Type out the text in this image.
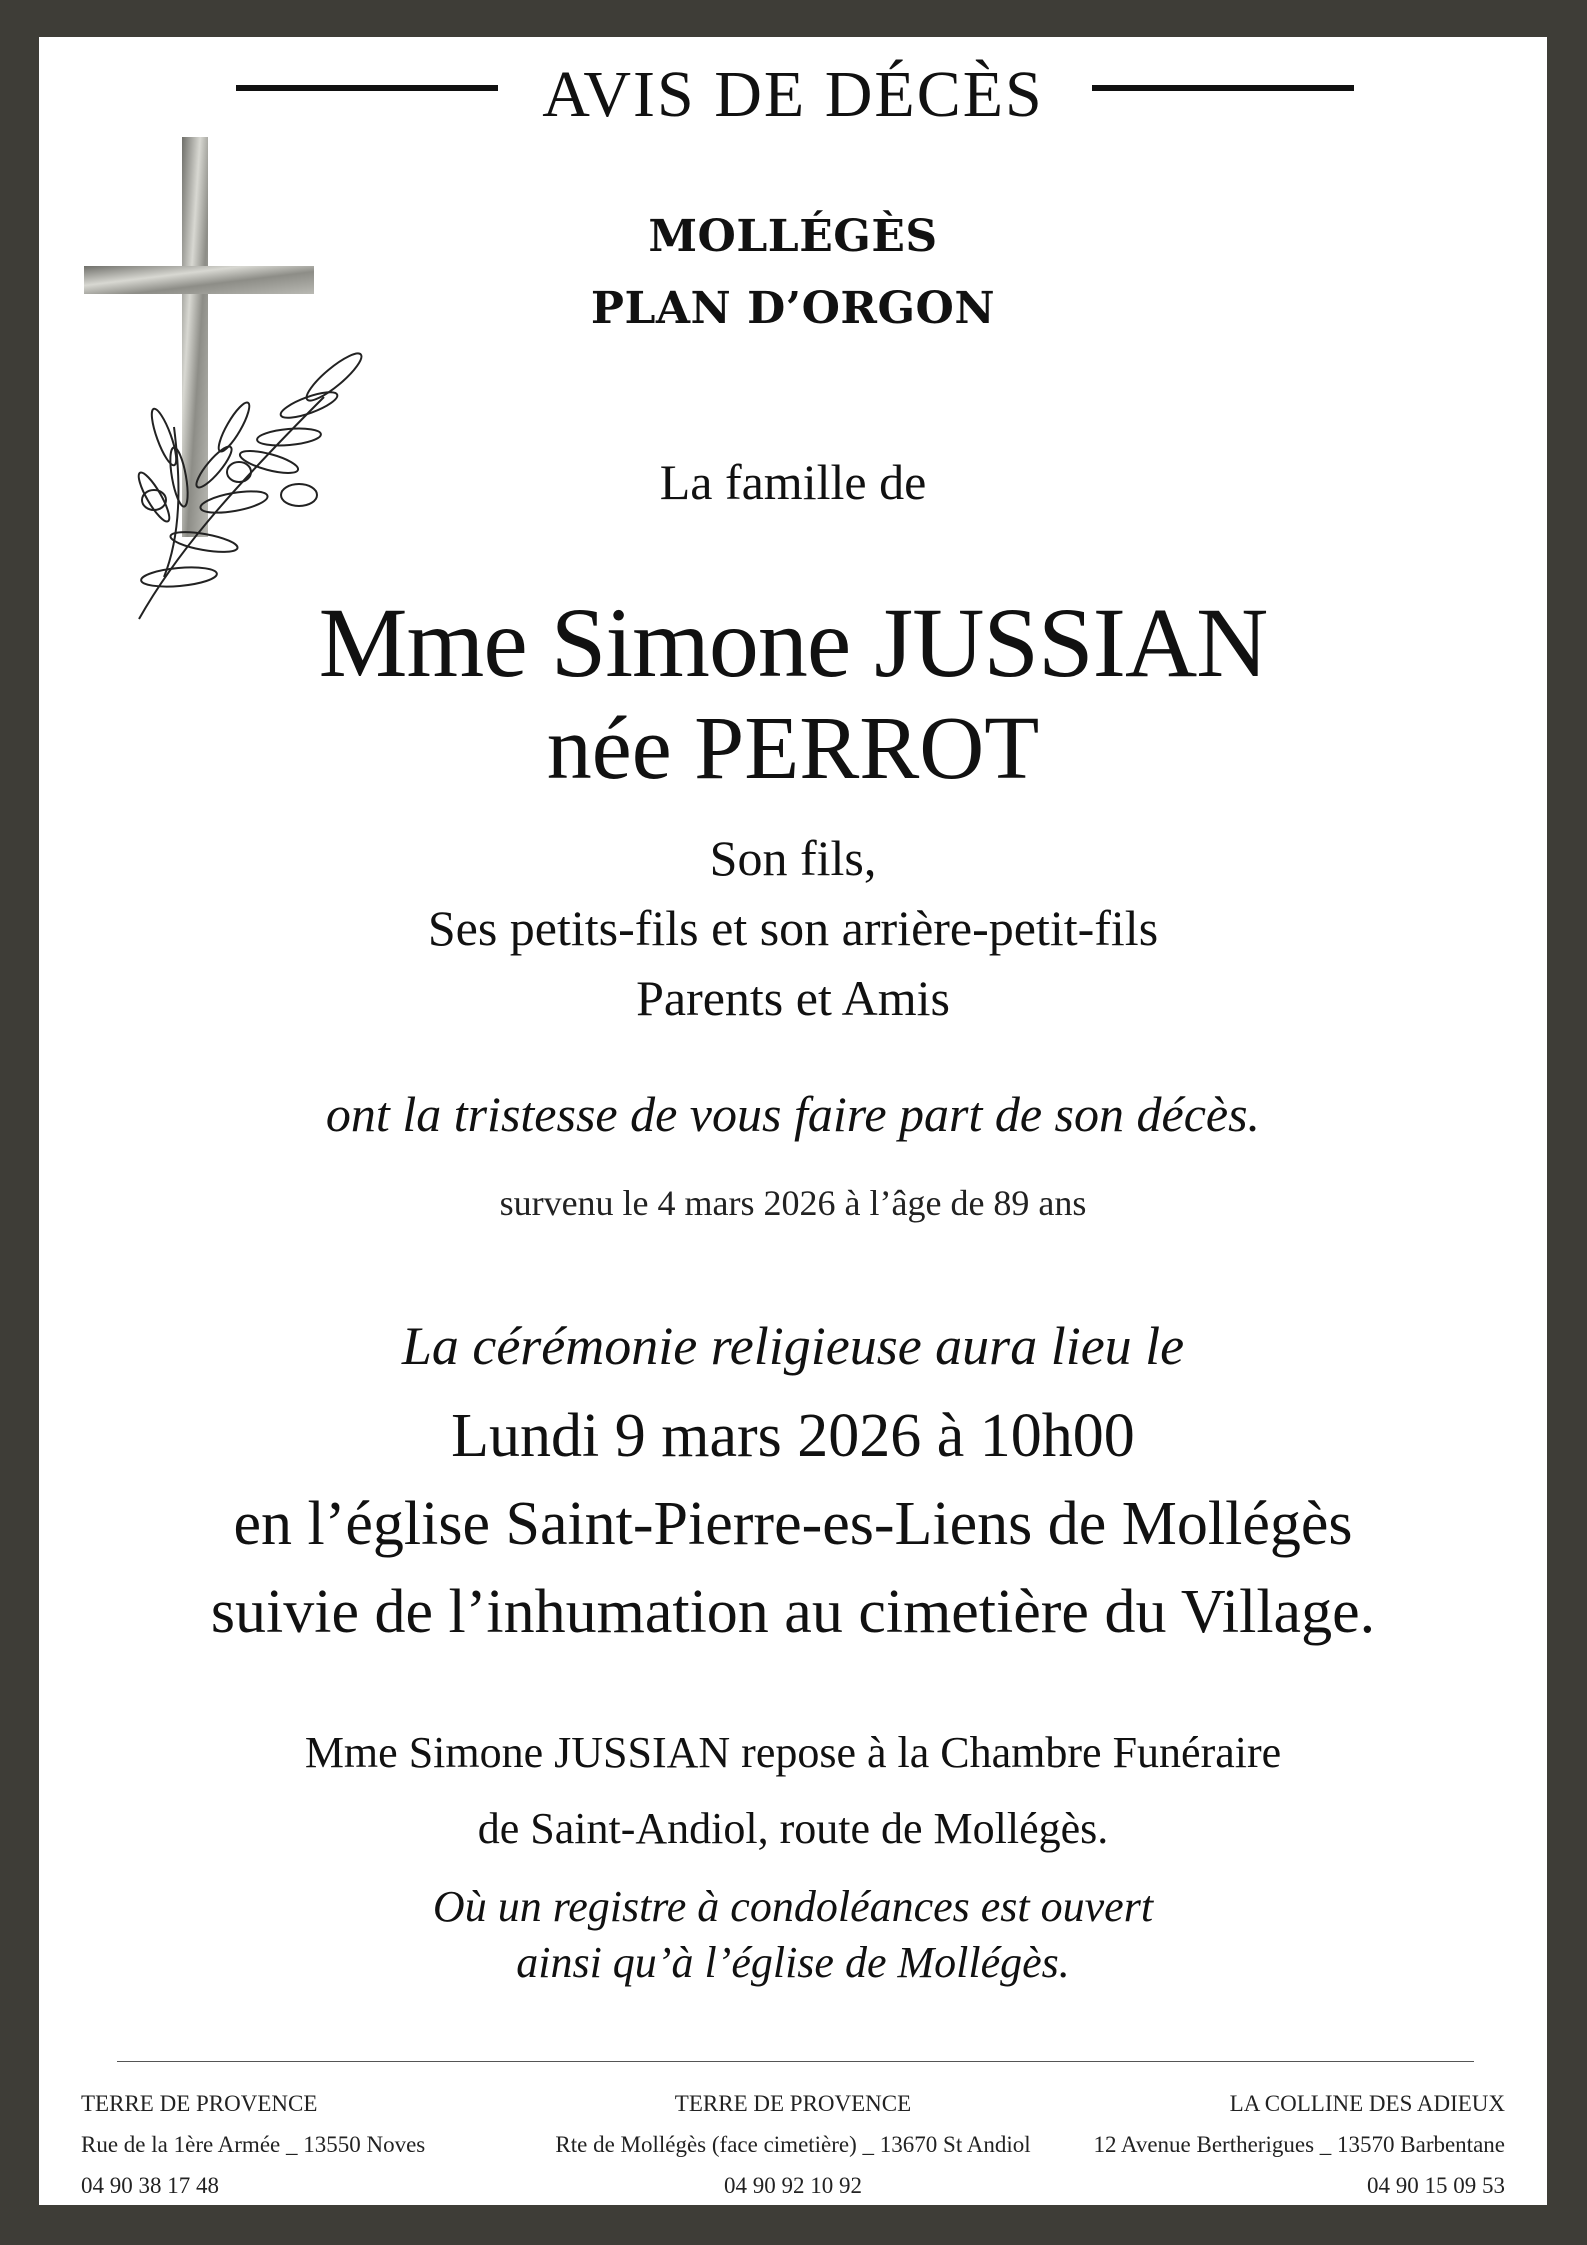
AVIS DE DÉCÈS
MOLLÉGÈS
PLAN D’ORGON
La famille de
Mme Simone JUSSIAN
née PERROT
Son fils,
Ses petits-fils et son arrière-petit-fils
Parents et Amis
ont la tristesse de vous faire part de son décès.
survenu le 4 mars 2026 à l’âge de 89 ans
La cérémonie religieuse aura lieu le
Lundi 9 mars 2026 à 10h00
en l’église Saint-Pierre-es-Liens de Mollégès
suivie de l’inhumation au cimetière du Village.
Mme Simone JUSSIAN repose à la Chambre Funéraire
de Saint-Andiol, route de Mollégès.
Où un registre à condoléances est ouvert
ainsi qu’à l’église de Mollégès.
TERRE DE PROVENCE
Rue de la 1ère Armée _ 13550 Noves
04 90 38 17 48
TERRE DE PROVENCE
Rte de Mollégès (face cimetière) _ 13670 St Andiol
04 90 92 10 92
LA COLLINE DES ADIEUX
12 Avenue Bertherigues _ 13570 Barbentane
04 90 15 09 53
